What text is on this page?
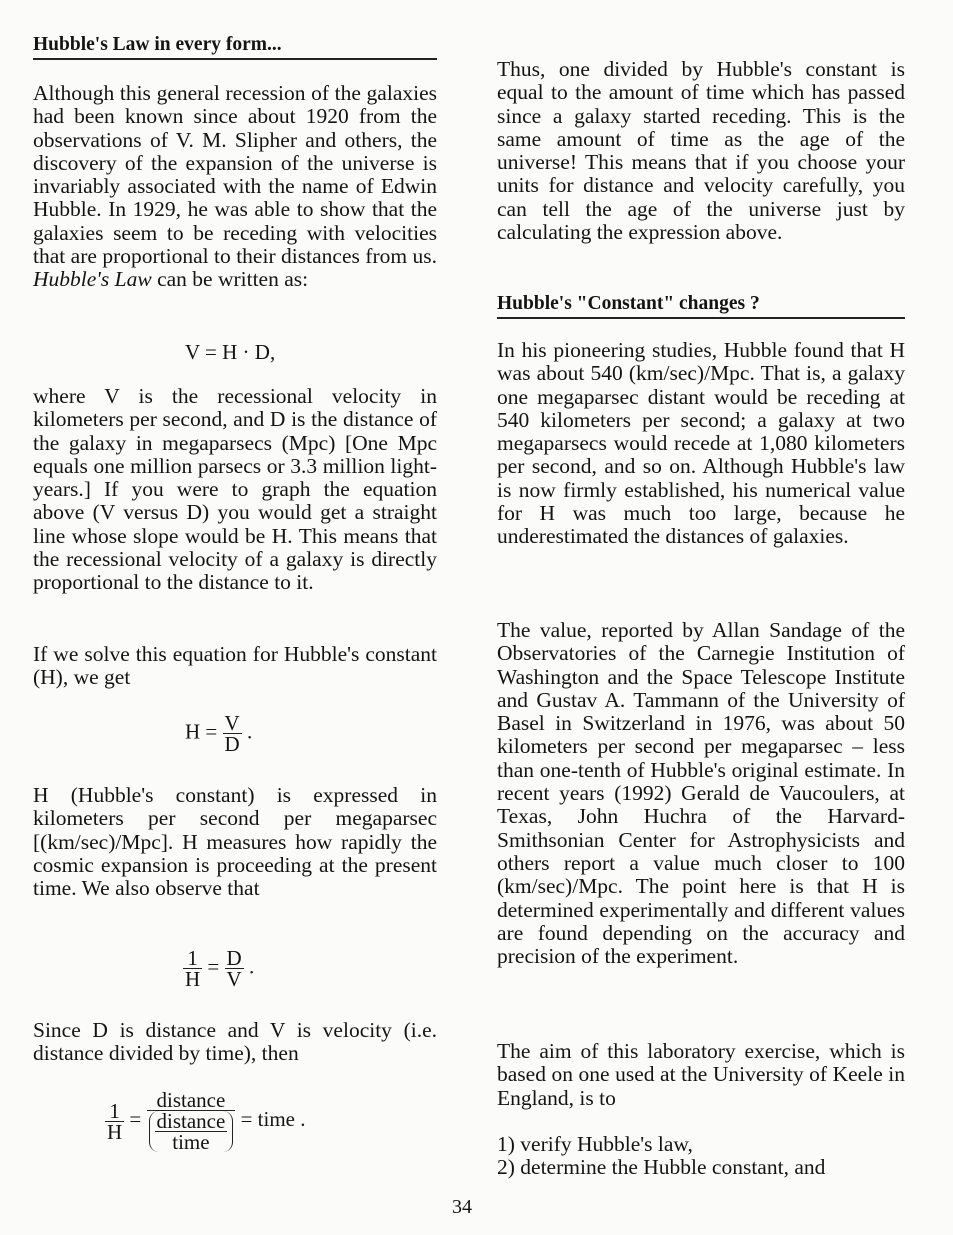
Hubble's Law in every form...

Although this general recession of the galaxies had been known since about 1920 from the observations of V. M. Slipher and others, the discovery of the expansion of the universe is invariably associated with the name of Edwin Hubble. In 1929, he was able to show that the galaxies seem to be receding with velocities that are proportional to their distances from us. Hubble's Law can be written as:

V = H · D,

where V is the recessional velocity in kilometers per second, and D is the distance of the galaxy in megaparsecs (Mpc) [One Mpc equals one million parsecs or 3.3 million light-years.] If you were to graph the equation above (V versus D) you would get a straight line whose slope would be H. This means that the recessional velocity of a galaxy is directly proportional to the distance to it.

If we solve this equation for Hubble's constant (H), we get

$H = \frac{V}{D}$ .

H (Hubble's constant) is expressed in kilometers per second per megaparsec [(km/sec)/Mpc]. H measures how rapidly the cosmic expansion is proceeding at the present time. We also observe that

$\frac{1}{H} = \frac{D}{V}$ .

Since D is distance and V is velocity (i.e. distance divided by time), then

$\frac{1}{H} = \frac{\text{distance}}{\frac{\text{distance}}{\text{time}}}$ = time .

Thus, one divided by Hubble's constant is equal to the amount of time which has passed since a galaxy started receding. This is the same amount of time as the age of the universe! This means that if you choose your units for distance and velocity carefully, you can tell the age of the universe just by calculating the expression above.

Hubble's "Constant" changes ?

In his pioneering studies, Hubble found that H was about 540 (km/sec)/Mpc. That is, a galaxy one megaparsec distant would be receding at 540 kilometers per second; a galaxy at two megaparsecs would recede at 1,080 kilometers per second, and so on. Although Hubble's law is now firmly established, his numerical value for H was much too large, because he underestimated the distances of galaxies.

The value, reported by Allan Sandage of the Observatories of the Carnegie Institution of Washington and the Space Telescope Institute and Gustav A. Tammann of the University of Basel in Switzerland in 1976, was about 50 kilometers per second per megaparsec – less than one-tenth of Hubble's original estimate. In recent years (1992) Gerald de Vaucoulers, at Texas, John Huchra of the Harvard-Smithsonian Center for Astrophysicists and others report a value much closer to 100 (km/sec)/Mpc. The point here is that H is determined experimentally and different values are found depending on the accuracy and precision of the experiment.

The aim of this laboratory exercise, which is based on one used at the University of Keele in England, is to

1) verify Hubble's law,

2) determine the Hubble constant, and

34
